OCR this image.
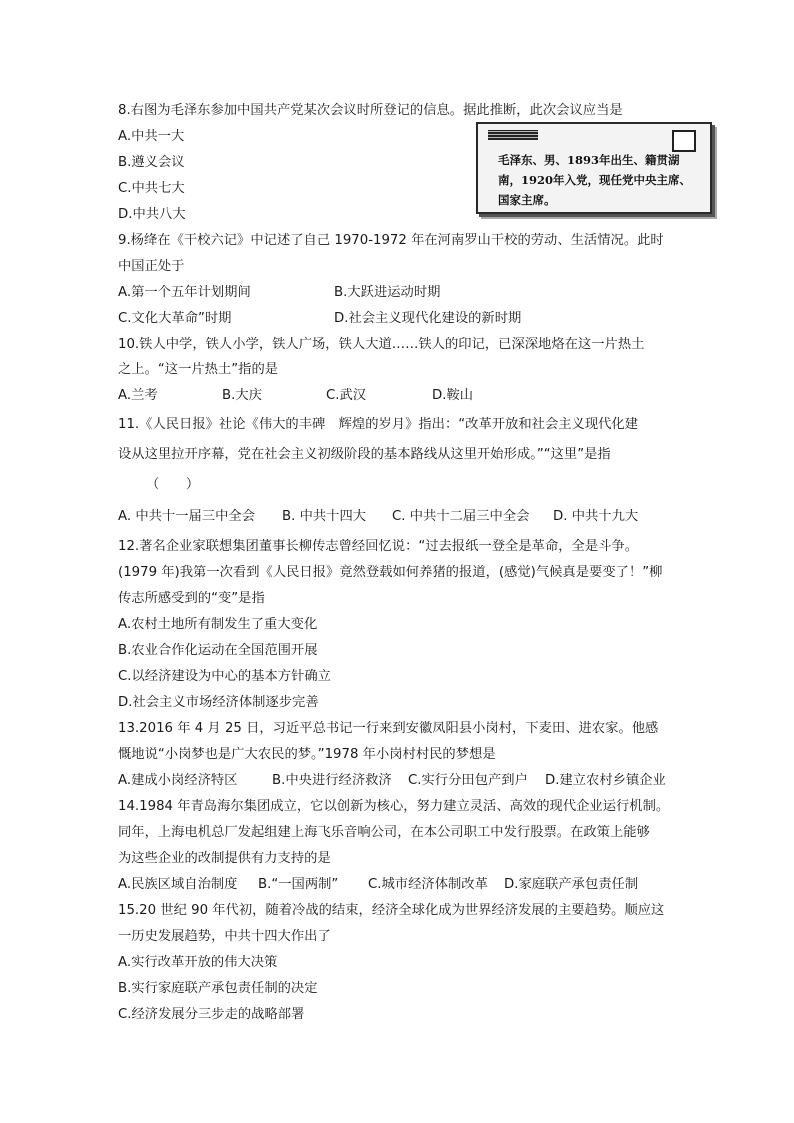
8.右图为毛泽东参加中国共产党某次会议时所登记的信息。据此推断，此次会议应当是
A.中共一大
B.遵义会议
C.中共七大
D.中共八大
毛泽东、男、1893年出生、籍贯湖南，1920年入党，现任党中央主席、国家主席。
9.杨绛在《干校六记》中记述了自己 1970-1972 年在河南罗山干校的劳动、生活情况。此时
中国正处于
A.第一个五年计划期间	B.大跃进运动时期
C.文化大革命”时期	D.社会主义现代化建设的新时期
10.铁人中学，铁人小学，铁人广场，铁人大道……铁人的印记，已深深地烙在这一片热土
之上。“这一片热土”指的是
A.兰考	B.大庆	C.武汉	D.鞍山
11.《人民日报》社论《伟大的丰碑　辉煌的岁月》指出：“改革开放和社会主义现代化建
设从这里拉开序幕，党在社会主义初级阶段的基本路线从这里开始形成。”“这里”是指
（　　）
A. 中共十一届三中全会 B. 中共十四大 C. 中共十二届三中全会 D. 中共十九大
12.著名企业家联想集团董事长柳传志曾经回忆说：“过去报纸一登全是革命，全是斗争。
(1979 年)我第一次看到《人民日报》竟然登载如何养猪的报道，(感觉)气候真是要变了！”柳
传志所感受到的“变”是指
A.农村土地所有制发生了重大变化
B.农业合作化运动在全国范围开展
C.以经济建设为中心的基本方针确立
D.社会主义市场经济体制逐步完善
13.2016 年 4 月 25 日，习近平总书记一行来到安徽凤阳县小岗村，下麦田、进农家。他感
慨地说“小岗梦也是广大农民的梦。”1978 年小岗村村民的梦想是
A.建成小岗经济特区	B.中央进行经济救济 C.实行分田包产到户 D.建立农村乡镇企业
14.1984 年青岛海尔集团成立，它以创新为核心，努力建立灵活、高效的现代企业运行机制。
同年，上海电机总厂发起组建上海飞乐音响公司，在本公司职工中发行股票。在政策上能够
为这些企业的改制提供有力支持的是
A.民族区域自治制度 B.“一国两制” C.城市经济体制改革 D.家庭联产承包责任制
15.20 世纪 90 年代初，随着冷战的结束，经济全球化成为世界经济发展的主要趋势。顺应这
一历史发展趋势，中共十四大作出了
A.实行改革开放的伟大决策
B.实行家庭联产承包责任制的决定
C.经济发展分三步走的战略部署
